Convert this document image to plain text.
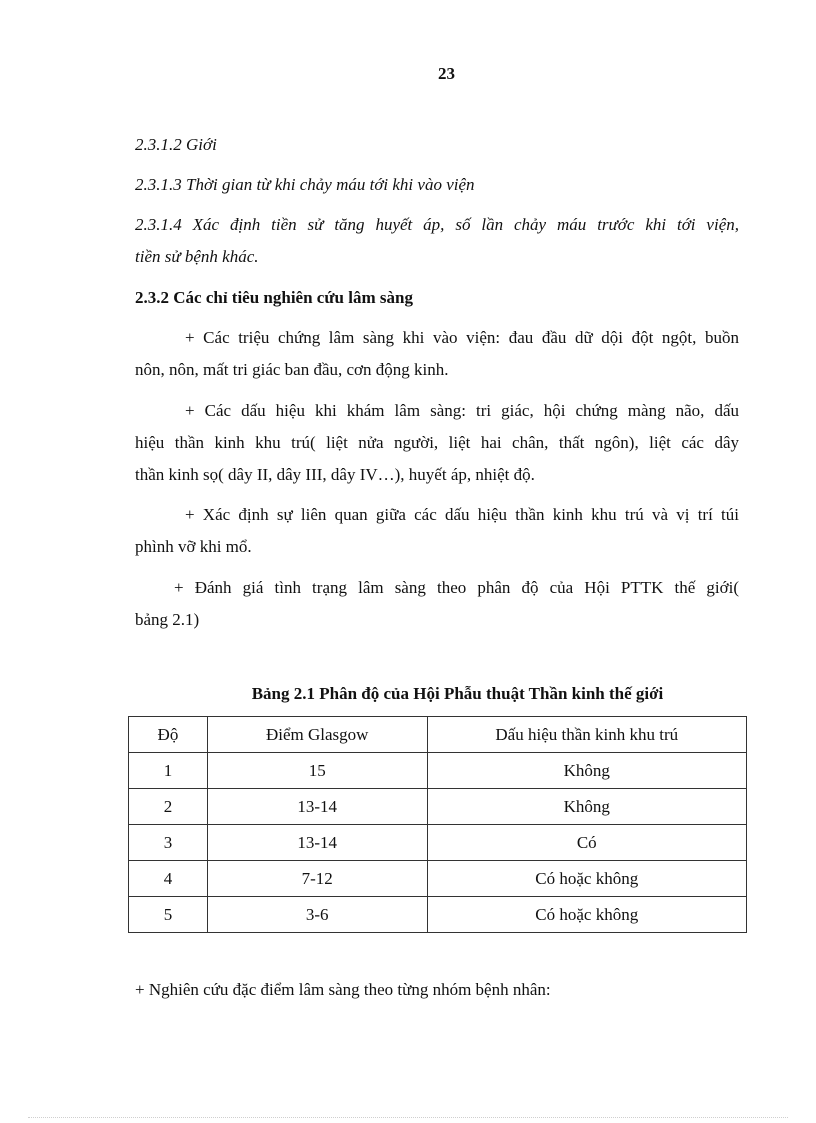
23
2.3.1.2 Giới
2.3.1.3 Thời gian từ khi chảy máu tới khi vào viện
2.3.1.4 Xác định tiền sử tăng huyết áp, số lần chảy máu trước khi tới viện,
tiền sử bệnh khác.
2.3.2 Các chỉ tiêu nghiên cứu lâm sàng
+ Các triệu chứng lâm sàng khi vào viện: đau đầu dữ dội đột ngột, buồn
nôn, nôn, mất tri giác ban đầu, cơn động kinh.
+ Các dấu hiệu khi khám lâm sàng: tri giác, hội chứng màng não, dấu
hiệu thần kinh khu trú( liệt nửa người, liệt hai chân, thất ngôn), liệt các dây
thần kinh sọ( dây II, dây III, dây IV…), huyết áp, nhiệt độ.
+ Xác định sự liên quan giữa các dấu hiệu thần kinh khu trú và vị trí túi
phình vỡ khi mổ.
+ Đánh giá tình trạng lâm sàng theo phân độ của Hội PTTK thế giới(
bảng 2.1)
Bảng 2.1 Phân độ của Hội Phẫu thuật Thần kinh thế giới
Độ	Điểm Glasgow	Dấu hiệu thần kinh khu trú
1	15	Không
2	13-14	Không
3	13-14	Có
4	7-12	Có hoặc không
5	3-6	Có hoặc không
+ Nghiên cứu đặc điểm lâm sàng theo từng nhóm bệnh nhân:
